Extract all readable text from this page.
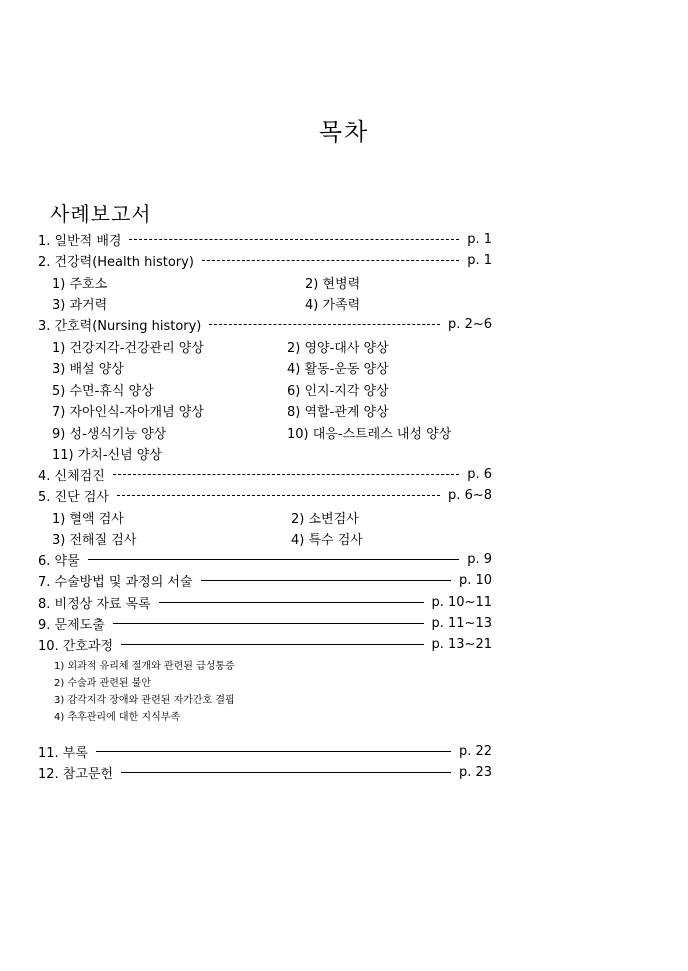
목차
사례보고서
1. 일반적 배경	p. 1
2. 건강력(Health history)	p. 1
1) 주호소	2) 현병력
3) 과거력	4) 가족력
3. 간호력(Nursing history)	p. 2~6
1) 건강지각-건강관리 양상	2) 영양-대사 양상
3) 배설 양상	4) 활동-운동 양상
5) 수면-휴식 양상	6) 인지-지각 양상
7) 자아인식-자아개념 양상	8) 역할-관계 양상
9) 성-생식기능 양상	10) 대응-스트레스 내성 양상
11) 가치-신념 양상
4. 신체검진	p. 6
5. 진단 검사	p. 6~8
1) 혈액 검사	2) 소변검사
3) 전해질 검사	4) 특수 검사
6. 약물	p. 9
7. 수술방법 및 과정의 서술	p. 10
8. 비정상 자료 목록	p. 10~11
9. 문제도출	p. 11~13
10. 간호과정	p. 13~21
1) 외과적 유리체 절개와 관련된 급성통증
2) 수술과 관련된 불안
3) 감각지각 장애와 관련된 자가간호 결핍
4) 추후관리에 대한 지식부족
11. 부록	p. 22
12. 참고문헌	p. 23
